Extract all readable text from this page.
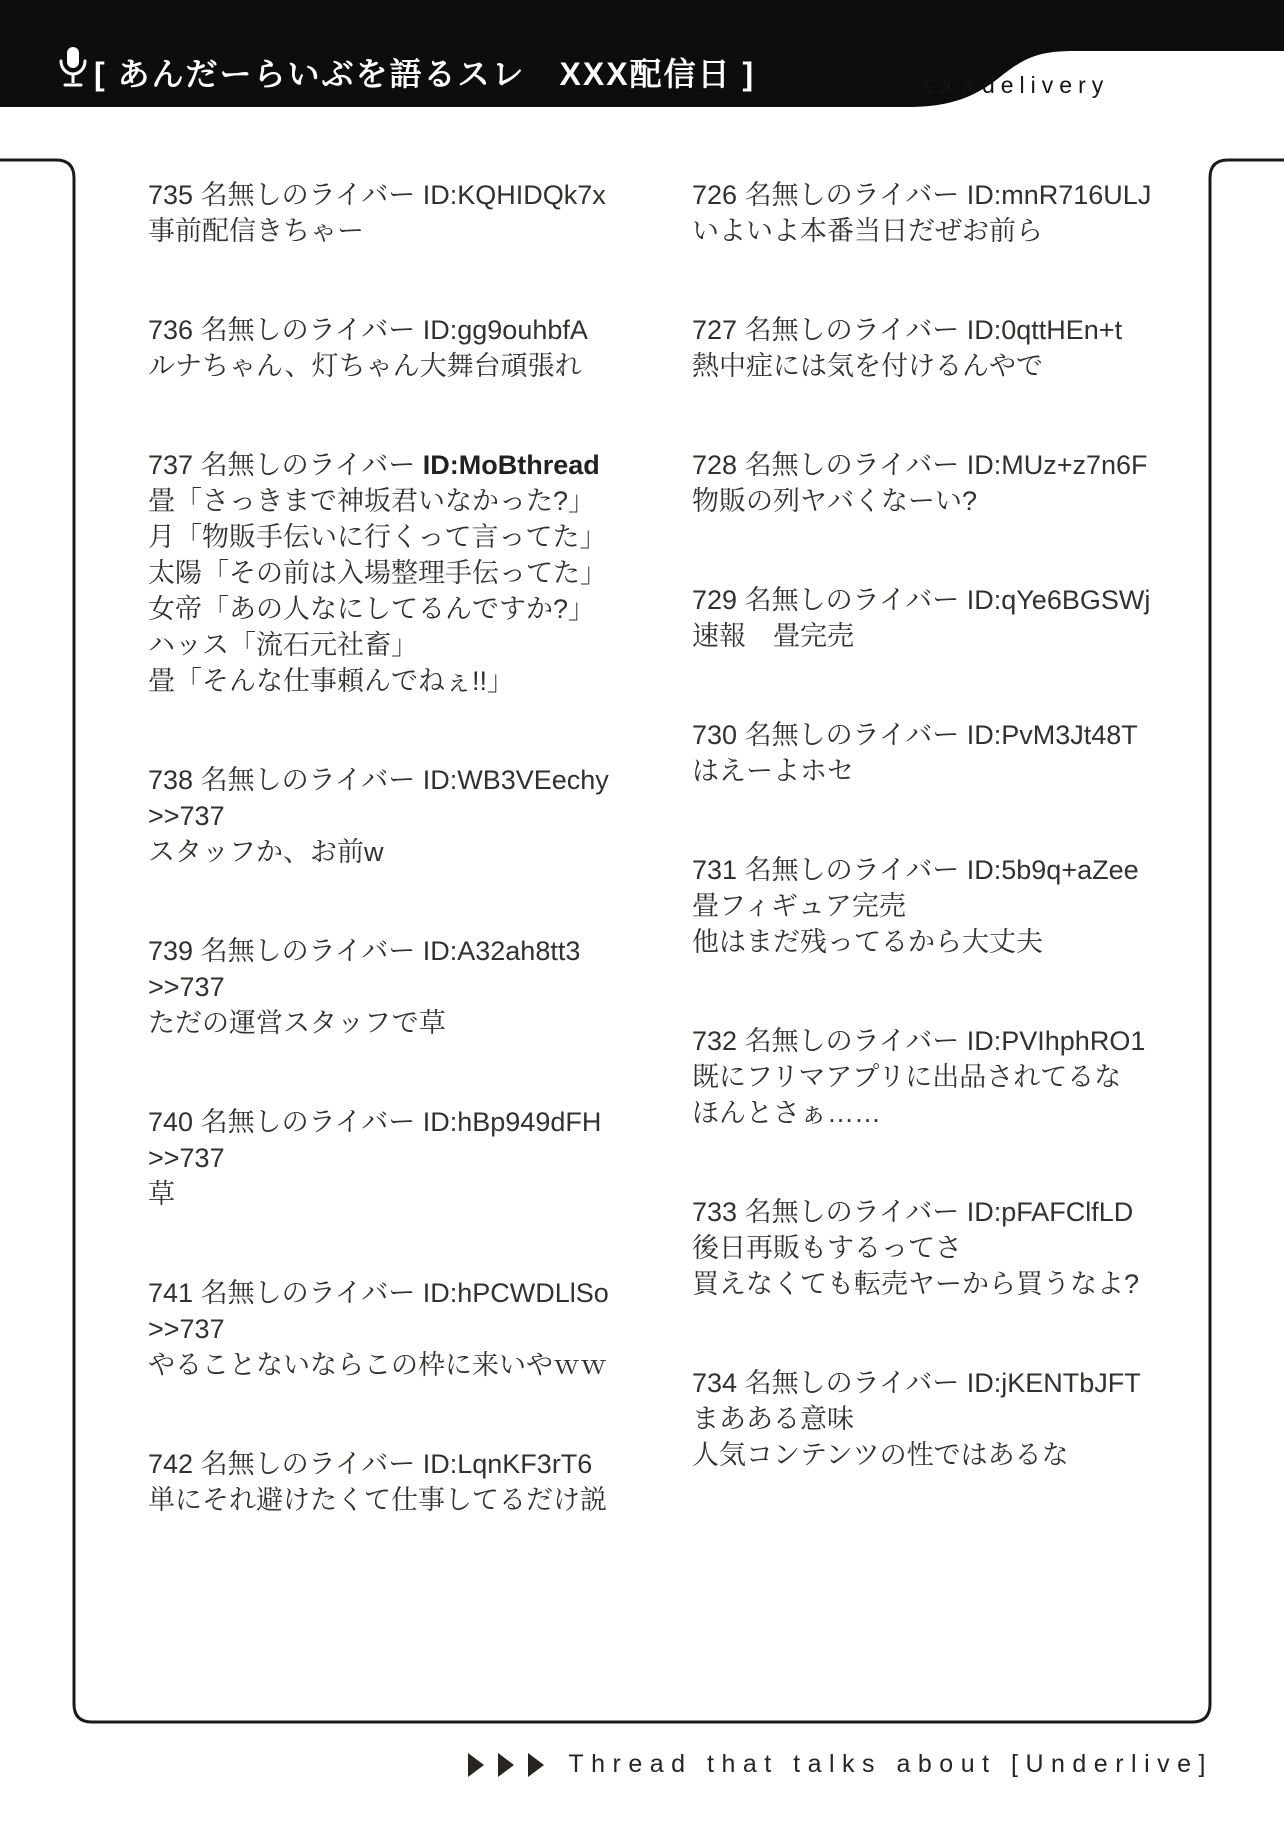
[ あんだーらいぶを語るスレ　XXX配信日 ]	.....XXXdelivery
735 名無しのライバー ID:KQHIDQk7x
事前配信きちゃー
736 名無しのライバー ID:gg9ouhbfA
ルナちゃん、灯ちゃん大舞台頑張れ
737 名無しのライバー ID:MoBthread
畳「さっきまで神坂君いなかった?」
月「物販手伝いに行くって言ってた」
太陽「その前は入場整理手伝ってた」
女帝「あの人なにしてるんですか?」
ハッス「流石元社畜」
畳「そんな仕事頼んでねぇ!!」
738 名無しのライバー ID:WB3VEechy
>>737
スタッフか、お前w
739 名無しのライバー ID:A32ah8tt3
>>737
ただの運営スタッフで草
740 名無しのライバー ID:hBp949dFH
>>737
草
741 名無しのライバー ID:hPCWDLlSo
>>737
やることないならこの枠に来いやｗｗ
742 名無しのライバー ID:LqnKF3rT6
単にそれ避けたくて仕事してるだけ説
726 名無しのライバー ID:mnR716ULJ
いよいよ本番当日だぜお前ら
727 名無しのライバー ID:0qttHEn+t
熱中症には気を付けるんやで
728 名無しのライバー ID:MUz+z7n6F
物販の列ヤバくなーい?
729 名無しのライバー ID:qYe6BGSWj
速報　畳完売
730 名無しのライバー ID:PvM3Jt48T
はえーよホセ
731 名無しのライバー ID:5b9q+aZee
畳フィギュア完売
他はまだ残ってるから大丈夫
732 名無しのライバー ID:PVIhphRO1
既にフリマアプリに出品されてるな
ほんとさぁ……
733 名無しのライバー ID:pFAFClfLD
後日再販もするってさ
買えなくても転売ヤーから買うなよ?
734 名無しのライバー ID:jKENTbJFT
まあある意味
人気コンテンツの性ではあるな
Thread that talks about [Underlive]
